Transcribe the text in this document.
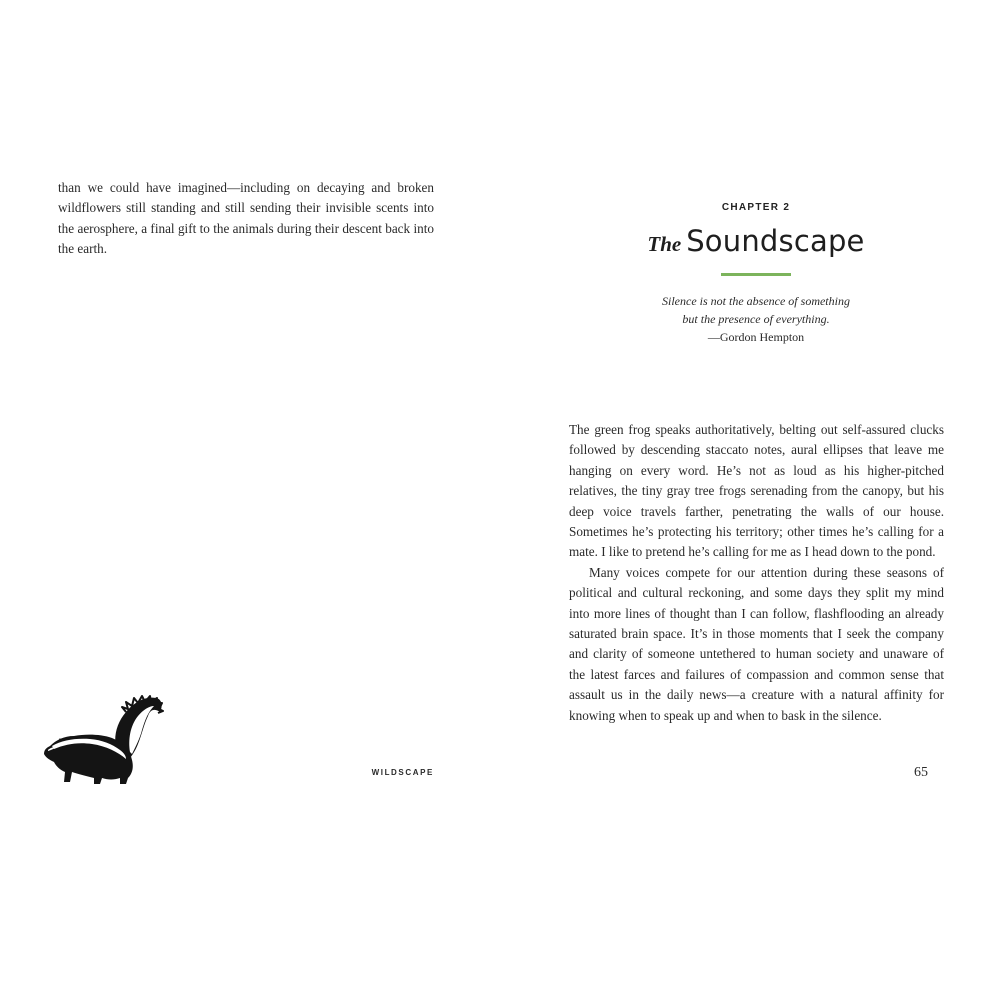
than we could have imagined—including on decaying and broken wildflowers still standing and still sending their invisible scents into the aerosphere, a final gift to the animals during their descent back into the earth.

WILDSCAPE

CHAPTER 2

The Soundscape

Silence is not the absence of something
but the presence of everything.
—Gordon Hempton

The green frog speaks authoritatively, belting out self-assured clucks followed by descending staccato notes, aural ellipses that leave me hanging on every word. He’s not as loud as his higher-pitched relatives, the tiny gray tree frogs serenading from the canopy, but his deep voice travels farther, penetrating the walls of our house. Sometimes he’s protecting his territory; other times he’s calling for a mate. I like to pretend he’s calling for me as I head down to the pond.

Many voices compete for our attention during these seasons of political and cultural reckoning, and some days they split my mind into more lines of thought than I can follow, flashflooding an already saturated brain space. It’s in those moments that I seek the company and clarity of someone untethered to human society and unaware of the latest farces and failures of compassion and common sense that assault us in the daily news—a creature with a natural affinity for knowing when to speak up and when to bask in the silence.

65
